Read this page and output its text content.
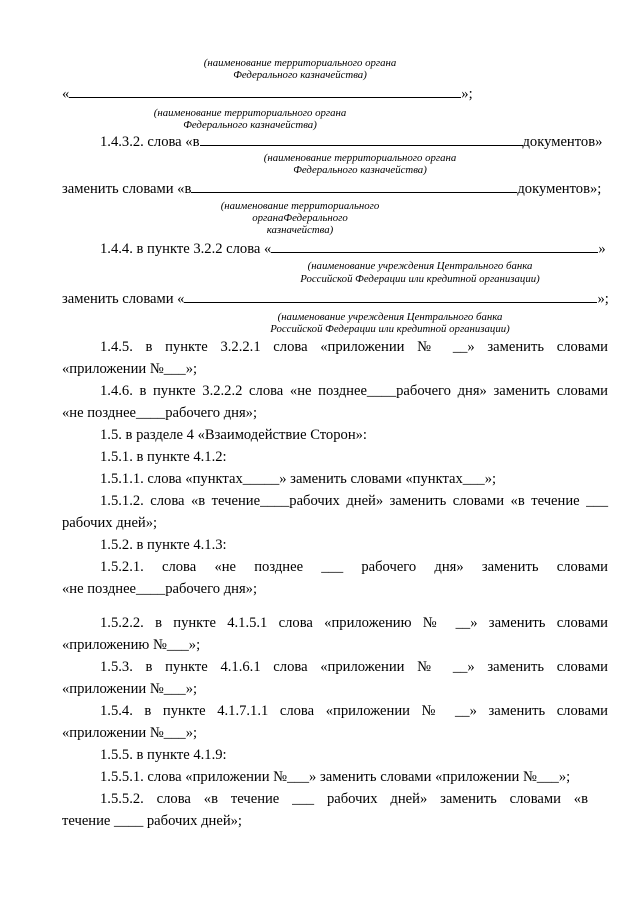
(наименование территориального органа
Федерального казначейства)
«	»;
(наименование территориального органа
Федерального казначейства)
1.4.3.2. слова «в	документов»
(наименование территориального органа
Федерального казначейства)
заменить словами «в	документов»;
(наименование территориального
органаФедерального
казначейства)
1.4.4. в пункте 3.2.2 слова «	»
(наименование учреждения Центрального банка
Российской Федерации или кредитной организации)
заменить словами «	»;
(наименование учреждения Центрального банка
Российской Федерации или кредитной организации)
1.4.5. в пункте 3.2.2.1 слова «приложении № __» заменить словами
«приложении №___»;
1.4.6. в пункте 3.2.2.2 слова «не позднее____рабочего дня» заменить словами
«не позднее____рабочего дня»;
1.5. в разделе 4 «Взаимодействие Сторон»:
1.5.1. в пункте 4.1.2:
1.5.1.1. слова «пунктах_____» заменить словами «пунктах___»;
1.5.1.2. слова «в течение____рабочих дней» заменить словами «в течение ___
рабочих дней»;
1.5.2. в пункте 4.1.3:
1.5.2.1. слова «не позднее ___ рабочего дня» заменить словами
«не позднее____рабочего дня»;
1.5.2.2. в пункте 4.1.5.1 слова «приложению № __» заменить словами
«приложению №___»;
1.5.3. в пункте 4.1.6.1 слова «приложении № __» заменить словами
«приложении №___»;
1.5.4. в пункте 4.1.7.1.1 слова «приложении № __» заменить словами
«приложении №___»;
1.5.5. в пункте 4.1.9:
1.5.5.1. слова «приложении №___» заменить словами «приложении №___»;
1.5.5.2. слова «в течение ___ рабочих дней» заменить словами «в
течение ____ рабочих дней»;
